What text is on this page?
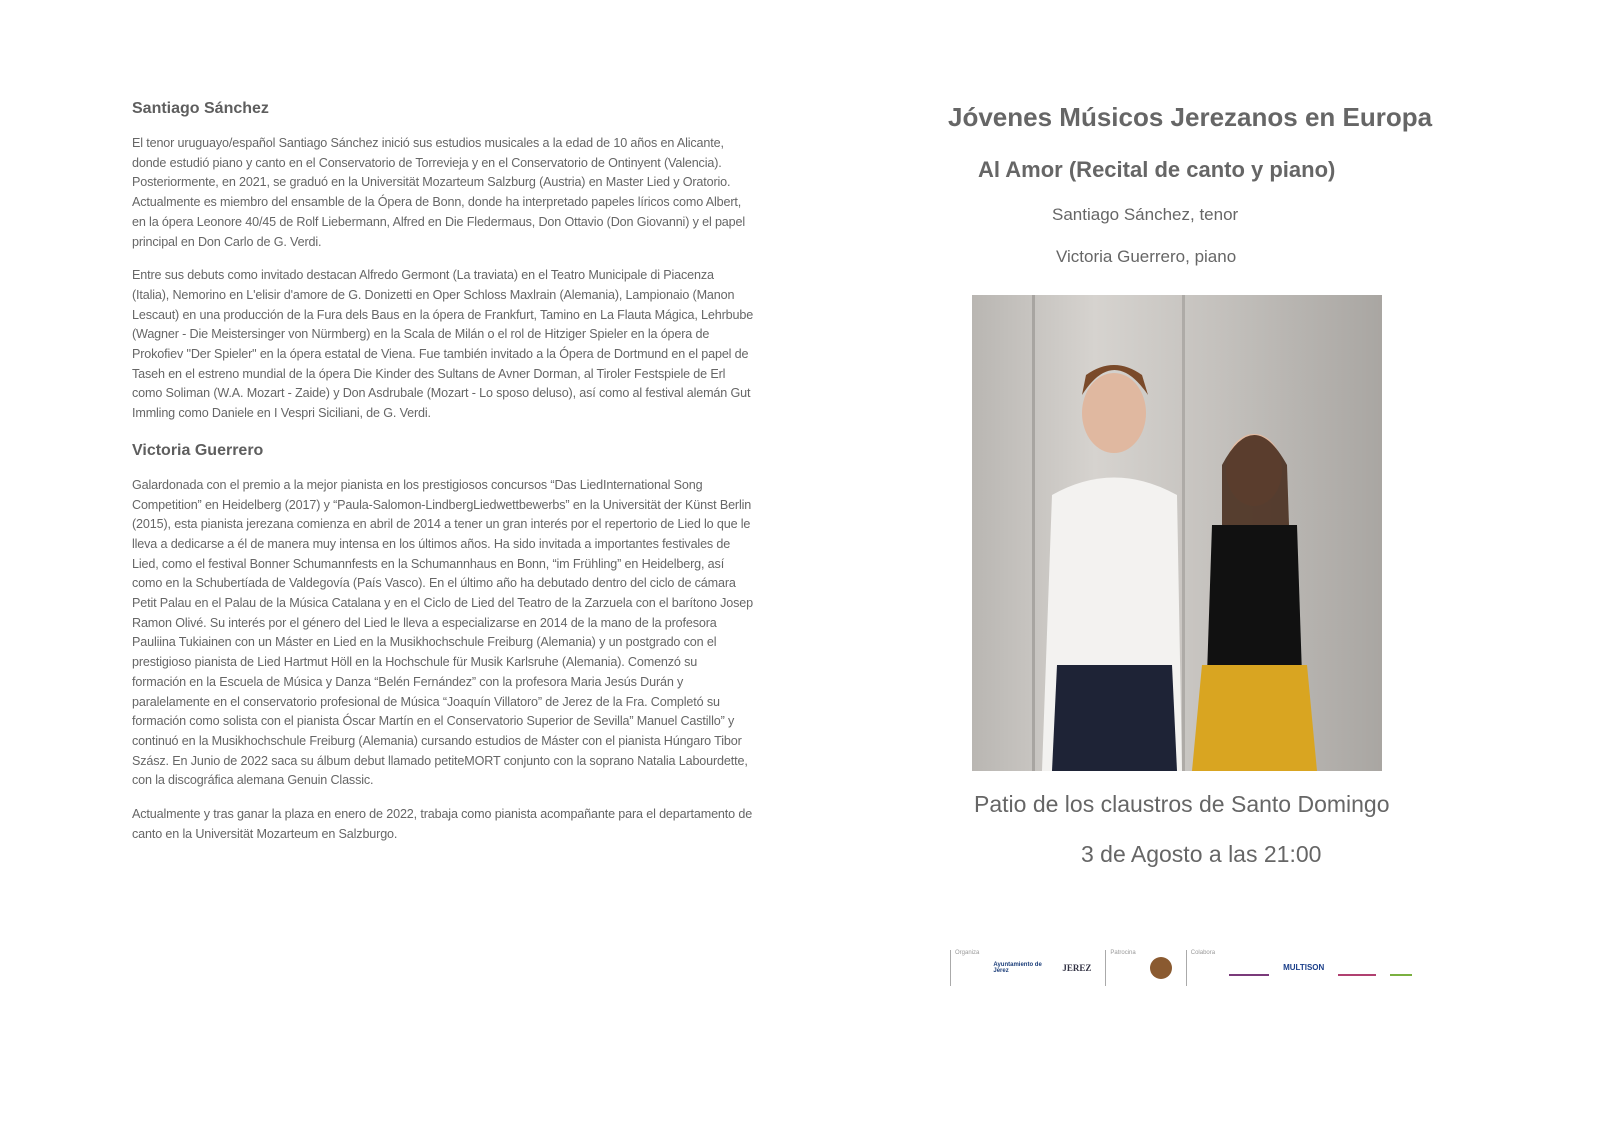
Santiago Sánchez

El tenor uruguayo/español Santiago Sánchez inició sus estudios musicales a la edad de 10 años en Alicante, donde estudió piano y canto en el Conservatorio de Torrevieja y en el Conservatorio de Ontinyent (Valencia). Posteriormente, en 2021, se graduó en la Universität Mozarteum Salzburg (Austria) en Master Lied y Oratorio. Actualmente es miembro del ensamble de la Ópera de Bonn, donde ha interpretado papeles líricos como Albert, en la ópera Leonore 40/45 de Rolf Liebermann, Alfred en Die Fledermaus, Don Ottavio (Don Giovanni) y el papel principal en Don Carlo de G. Verdi.

Entre sus debuts como invitado destacan Alfredo Germont (La traviata) en el Teatro Municipale di Piacenza (Italia), Nemorino en L'elisir d'amore de G. Donizetti en Oper Schloss Maxlrain (Alemania), Lampionaio (Manon Lescaut) en una producción de la Fura dels Baus en la ópera de Frankfurt, Tamino en La Flauta Mágica, Lehrbube (Wagner - Die Meistersinger von Nürmberg) en la Scala de Milán o el rol de Hitziger Spieler en la ópera de Prokofiev "Der Spieler" en la ópera estatal de Viena. Fue también invitado a la Ópera de Dortmund en el papel de Taseh en el estreno mundial de la ópera Die Kinder des Sultans de Avner Dorman, al Tiroler Festspiele de Erl como Soliman (W.A. Mozart - Zaide) y Don Asdrubale (Mozart - Lo sposo deluso), así como al festival alemán Gut Immling como Daniele en I Vespri Siciliani, de G. Verdi.

Victoria Guerrero

Galardonada con el premio a la mejor pianista en los prestigiosos concursos “Das LiedInternational Song Competition” en Heidelberg (2017) y “Paula-Salomon-LindbergLiedwettbewerbs” en la Universität der Künst Berlin (2015), esta pianista jerezana comienza en abril de 2014 a tener un gran interés por el repertorio de Lied lo que le lleva a dedicarse a él de manera muy intensa en los últimos años. Ha sido invitada a importantes festivales de Lied, como el festival Bonner Schumannfests en la Schumannhaus en Bonn, “im Frühling” en Heidelberg, así como en la Schubertíada de Valdegovía (País Vasco). En el último año ha debutado dentro del ciclo de cámara Petit Palau en el Palau de la Música Catalana y en el Ciclo de Lied del Teatro de la Zarzuela con el barítono Josep Ramon Olivé. Su interés por el género del Lied le lleva a especializarse en 2014 de la mano de la profesora Pauliina Tukiainen con un Máster en Lied en la Musikhochschule Freiburg (Alemania) y un postgrado con el prestigioso pianista de Lied Hartmut Höll en la Hochschule für Musik Karlsruhe (Alemania). Comenzó su formación en la Escuela de Música y Danza “Belén Fernández” con la profesora Maria Jesús Durán y paralelamente en el conservatorio profesional de Música “Joaquín Villatoro” de Jerez de la Fra. Completó su formación como solista con el pianista Óscar Martín en el Conservatorio Superior de Sevilla” Manuel Castillo” y continuó en la Musikhochschule Freiburg (Alemania) cursando estudios de Máster con el pianista Húngaro Tibor Szász. En Junio de 2022 saca su álbum debut llamado petiteMORT conjunto con la soprano Natalia Labourdette, con la discográfica alemana Genuin Classic.

Actualmente y tras ganar la plaza en enero de 2022, trabaja como pianista acompañante para el departamento de canto en la Universität Mozarteum en Salzburgo.

Jóvenes Músicos Jerezanos en Europa
Al Amor (Recital de canto y piano)
Santiago Sánchez, tenor
Victoria Guerrero, piano
Patio de los claustros de Santo Domingo
3 de Agosto a las 21:00
Organiza
Ayuntamiento de Jerez	JEREZ
Patrocina	Colabora
MULTISON
